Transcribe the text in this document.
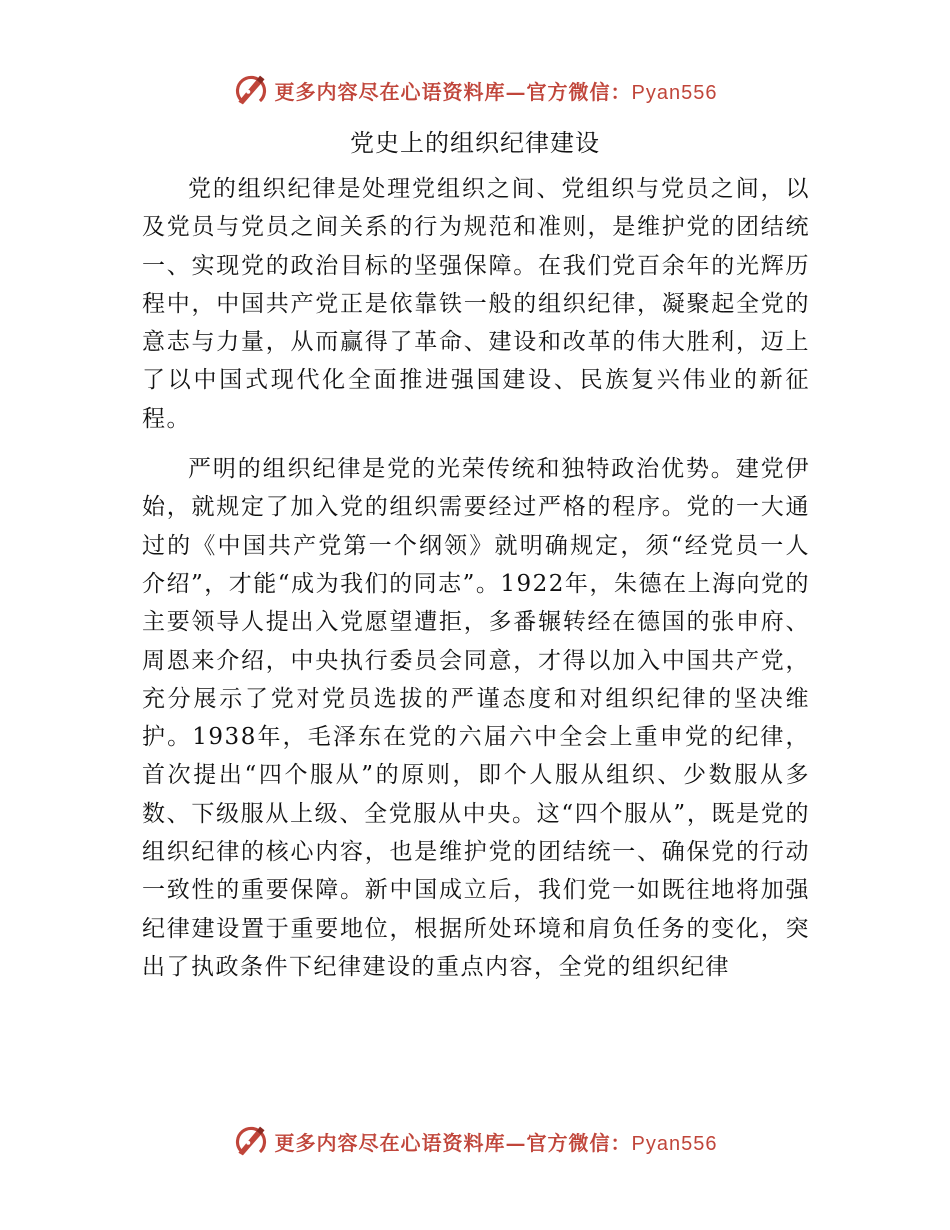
更多内容尽在心语资料库—官方微信：Pyan556
党史上的组织纪律建设

党的组织纪律是处理党组织之间、党组织与党员之间，以及党员与党员之间关系的行为规范和准则，是维护党的团结统一、实现党的政治目标的坚强保障。在我们党百余年的光辉历程中，中国共产党正是依靠铁一般的组织纪律，凝聚起全党的意志与力量，从而赢得了革命、建设和改革的伟大胜利，迈上了以中国式现代化全面推进强国建设、民族复兴伟业的新征程。

严明的组织纪律是党的光荣传统和独特政治优势。建党伊始，就规定了加入党的组织需要经过严格的程序。党的一大通过的《中国共产党第一个纲领》就明确规定，须“经党员一人介绍”，才能“成为我们的同志”。1922年，朱德在上海向党的主要领导人提出入党愿望遭拒，多番辗转经在德国的张申府、周恩来介绍，中央执行委员会同意，才得以加入中国共产党，充分展示了党对党员选拔的严谨态度和对组织纪律的坚决维护。1938年，毛泽东在党的六届六中全会上重申党的纪律，首次提出“四个服从”的原则，即个人服从组织、少数服从多数、下级服从上级、全党服从中央。这“四个服从”，既是党的组织纪律的核心内容，也是维护党的团结统一、确保党的行动一致性的重要保障。新中国成立后，我们党一如既往地将加强纪律建设置于重要地位，根据所处环境和肩负任务的变化，突出了执政条件下纪律建设的重点内容，全党的组织纪律

更多内容尽在心语资料库—官方微信：Pyan556
